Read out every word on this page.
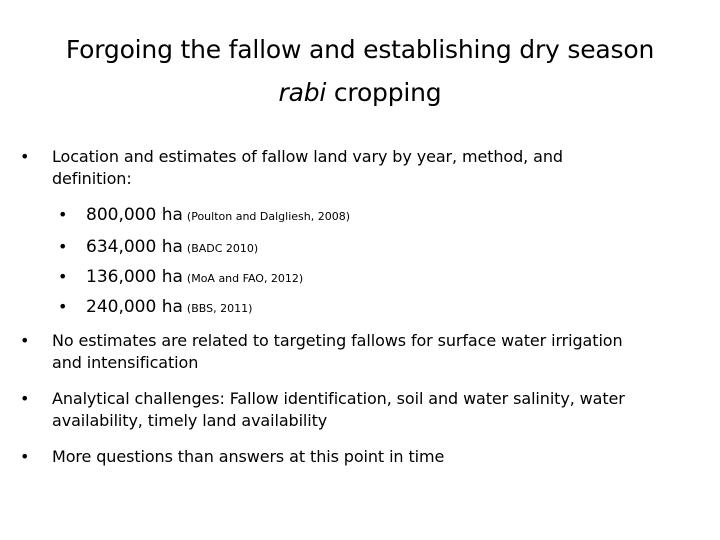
Forgoing the fallow and establishing dry season
rabi cropping
• Location and estimates of fallow land vary by year, method, and
definition:
• 800,000 ha (Poulton and Dalgliesh, 2008)
• 634,000 ha (BADC 2010)
• 136,000 ha (MoA and FAO, 2012)
• 240,000 ha (BBS, 2011)
• No estimates are related to targeting fallows for surface water irrigation
and intensification
• Analytical challenges: Fallow identification, soil and water salinity, water
availability, timely land availability
• More questions than answers at this point in time
